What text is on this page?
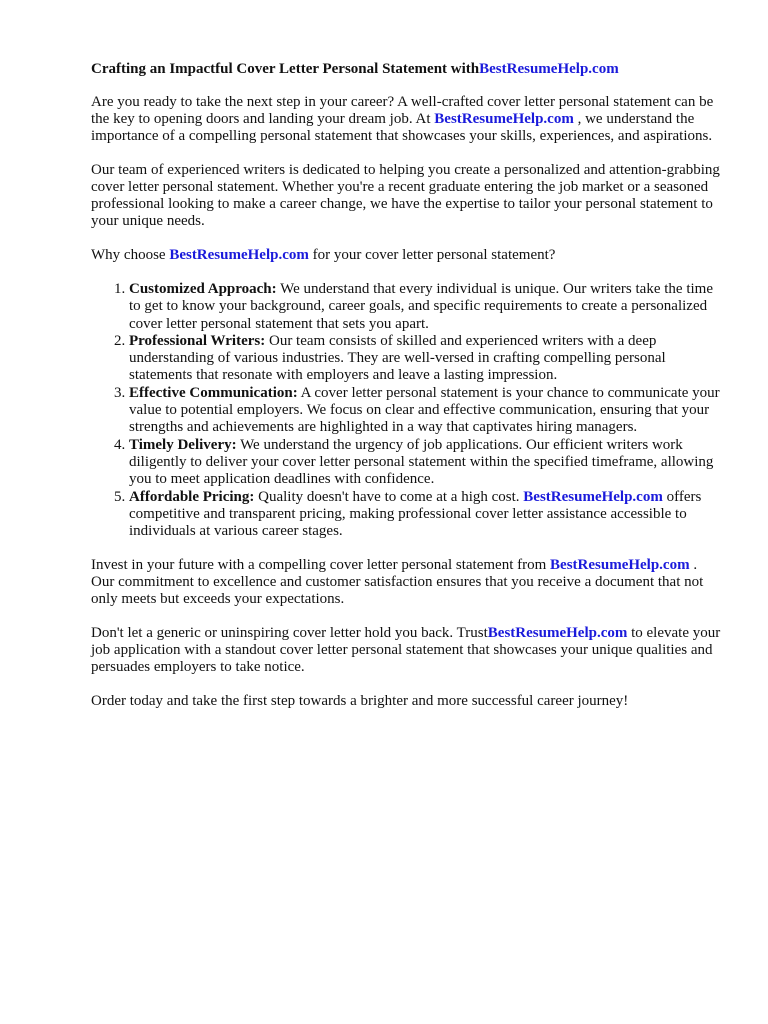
Crafting an Impactful Cover Letter Personal Statement withBestResumeHelp.com

Are you ready to take the next step in your career? A well-crafted cover letter personal statement can be the key to opening doors and landing your dream job. At BestResumeHelp.com , we understand the importance of a compelling personal statement that showcases your skills, experiences, and aspirations.

Our team of experienced writers is dedicated to helping you create a personalized and attention-grabbing cover letter personal statement. Whether you're a recent graduate entering the job market or a seasoned professional looking to make a career change, we have the expertise to tailor your personal statement to your unique needs.

Why choose BestResumeHelp.com for your cover letter personal statement?

1. Customized Approach: We understand that every individual is unique. Our writers take the time to get to know your background, career goals, and specific requirements to create a personalized cover letter personal statement that sets you apart.
2. Professional Writers: Our team consists of skilled and experienced writers with a deep understanding of various industries. They are well-versed in crafting compelling personal statements that resonate with employers and leave a lasting impression.
3. Effective Communication: A cover letter personal statement is your chance to communicate your value to potential employers. We focus on clear and effective communication, ensuring that your strengths and achievements are highlighted in a way that captivates hiring managers.
4. Timely Delivery: We understand the urgency of job applications. Our efficient writers work diligently to deliver your cover letter personal statement within the specified timeframe, allowing you to meet application deadlines with confidence.
5. Affordable Pricing: Quality doesn't have to come at a high cost. BestResumeHelp.com offers competitive and transparent pricing, making professional cover letter assistance accessible to individuals at various career stages.

Invest in your future with a compelling cover letter personal statement from BestResumeHelp.com . Our commitment to excellence and customer satisfaction ensures that you receive a document that not only meets but exceeds your expectations.

Don't let a generic or uninspiring cover letter hold you back. TrustBestResumeHelp.com to elevate your job application with a standout cover letter personal statement that showcases your unique qualities and persuades employers to take notice.

Order today and take the first step towards a brighter and more successful career journey!
